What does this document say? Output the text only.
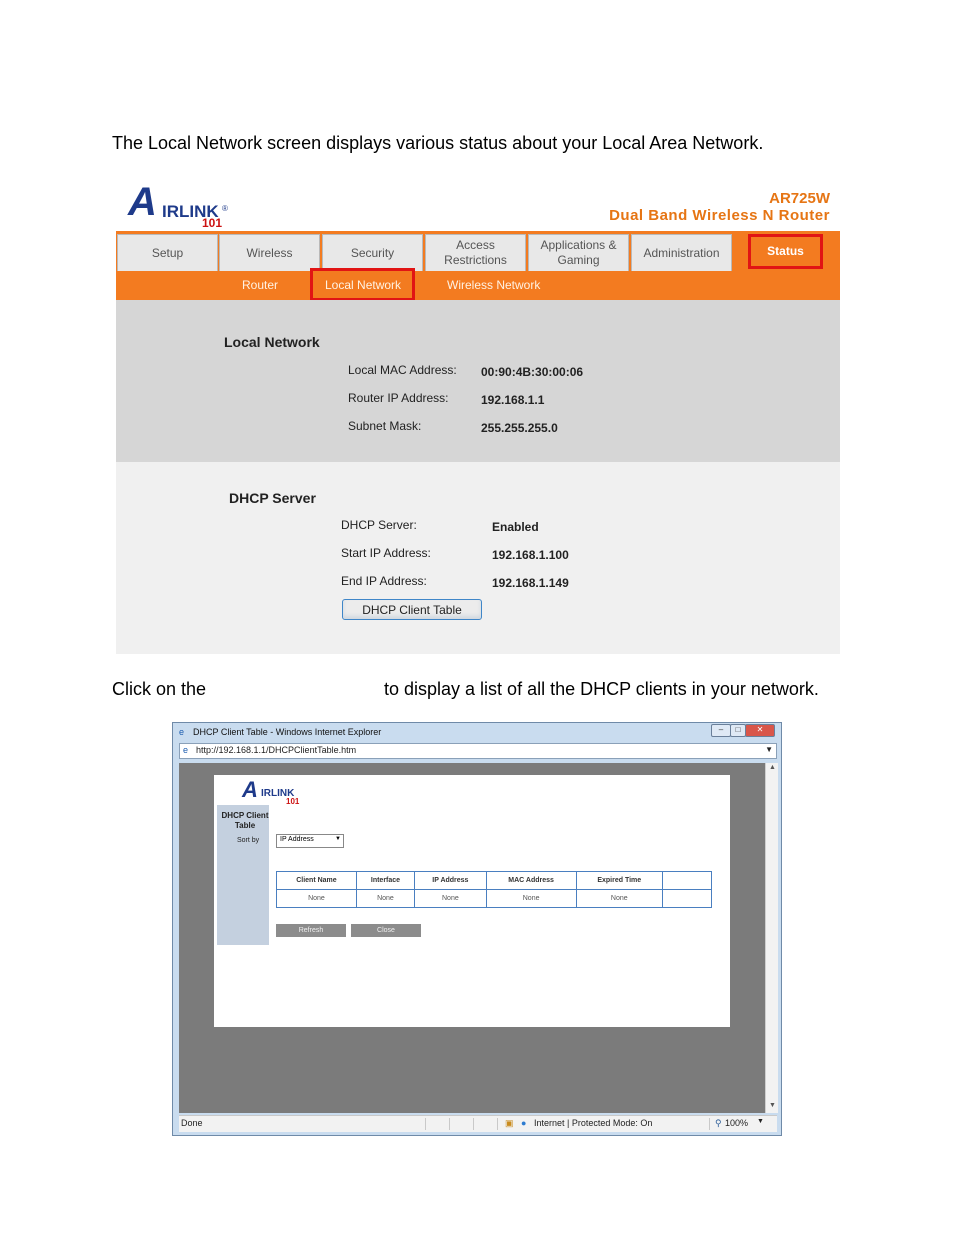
The Local Network screen displays various status about your Local Area Network.
A IRLINK
101
®
AR725W
Dual Band Wireless N Router
Setup	Wireless	Security
Access Restrictions
Applications & Gaming
Administration	Status
Router	Local Network	Wireless Network
Local Network
Local MAC Address: 00:90:4B:30:00:06
Router IP Address:	192.168.1.1
Subnet Mask:	255.255.255.0
DHCP Server
DHCP Server:	Enabled
Start IP Address:	192.168.1.100
End IP Address:	192.168.1.149
DHCP Client Table
Click on the	to display a list of all the DHCP clients in your network.
e DHCP Client Table - Windows Internet Explorer	–	□	✕
e http://192.168.1.1/DHCPClientTable.htm	▼
A IRLINK
101
DHCP Client Table
Sort by	IP Address	▼
Client Name	Interface	IP Address	MAC Address	Expired Time	
None	None	None	None	None	
Refresh	Close
▲
▼
Done	▣ ● Internet | Protected Mode: On	⚲ 100% ▼
